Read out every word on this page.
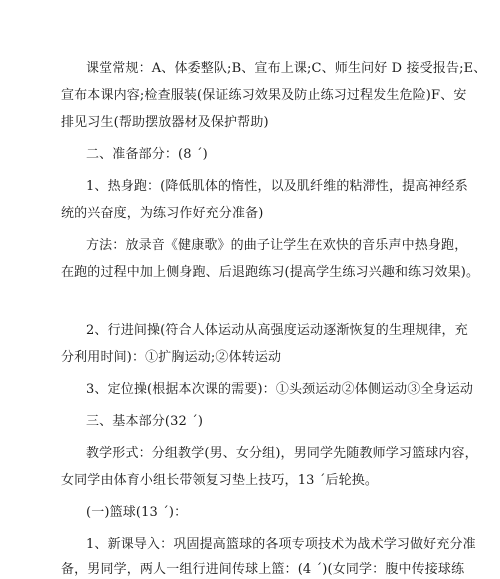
课堂常规：A、体委整队;B、宣布上课;C、师生问好 D 接受报告;E、
宣布本课内容;检查服装(保证练习效果及防止练习过程发生危险)F、安
排见习生(帮助摆放器材及保护帮助)
二、准备部分：(8 ˊ)
1、热身跑：(降低肌体的惰性，以及肌纤维的粘滞性，提高神经系
统的兴奋度，为练习作好充分准备)
方法：放录音《健康歌》的曲子让学生在欢快的音乐声中热身跑，
在跑的过程中加上侧身跑、后退跑练习(提高学生练习兴趣和练习效果)。
2、行进间操(符合人体运动从高强度运动逐渐恢复的生理规律，充
分利用时间)：①扩胸运动;②体转运动
3、定位操(根据本次课的需要)：①头颈运动②体侧运动③全身运动
三、基本部分(32 ˊ)
教学形式：分组教学(男、女分组)，男同学先随教师学习篮球内容，
女同学由体育小组长带领复习垫上技巧，13 ˊ后轮换。
(一)篮球(13 ˊ)：
1、新课导入：巩固提高篮球的各项专项技术为战术学习做好充分准
备，男同学，两人一组行进间传球上篮：(4 ˊ)(女同学：腹中传接球练
